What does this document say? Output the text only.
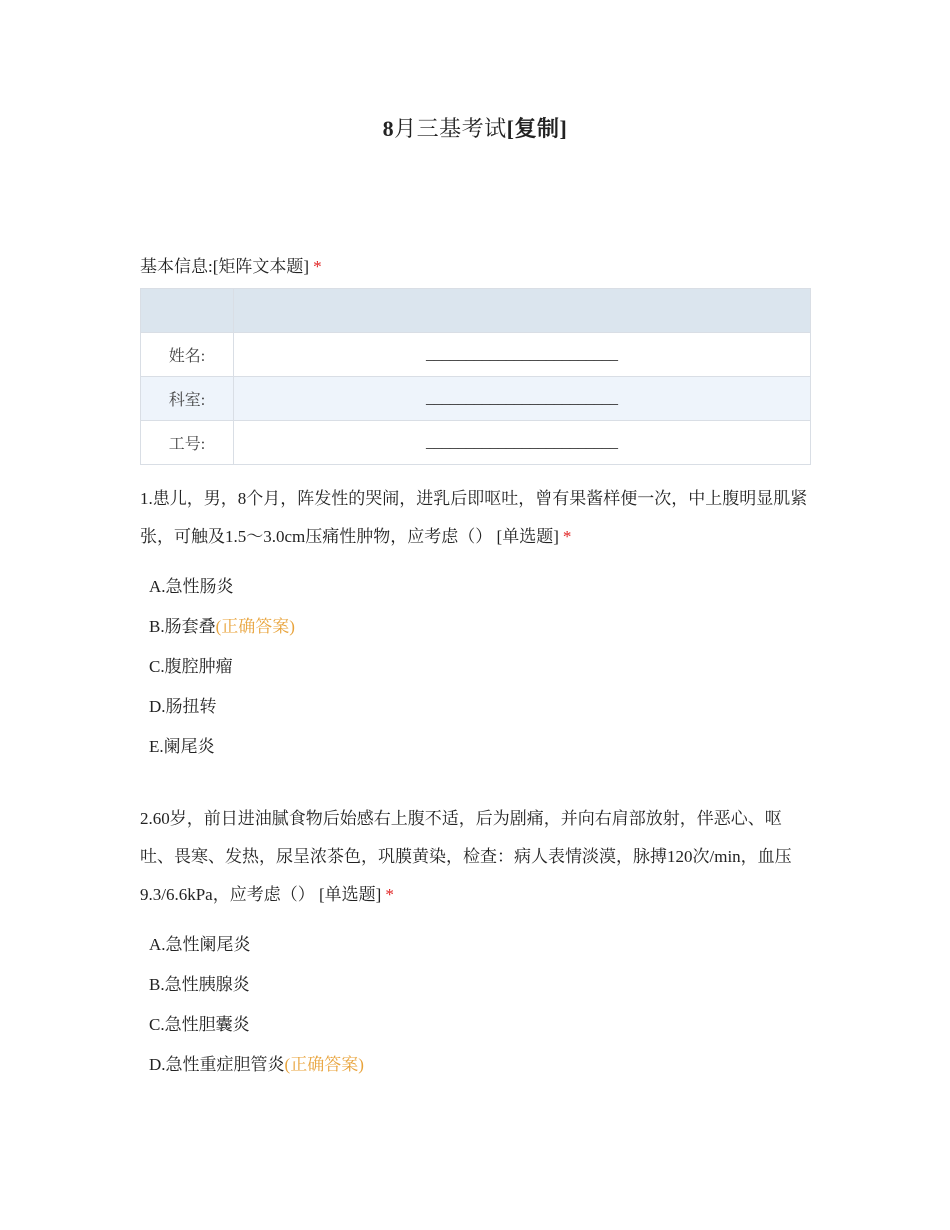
8月三基考试[复制]
基本信息:[矩阵文本题] *

姓名:	________________________
科室:	________________________
工号:	________________________
1.患儿，男，8个月，阵发性的哭闹，进乳后即呕吐，曾有果酱样便一次，中上腹明显肌紧张，可触及1.5～3.0cm压痛性肿物，应考虑（） [单选题] *
A.急性肠炎
B.肠套叠(正确答案)
C.腹腔肿瘤
D.肠扭转
E.阑尾炎
2.60岁，前日进油腻食物后始感右上腹不适，后为剧痛，并向右肩部放射，伴恶心、呕吐、畏寒、发热，尿呈浓茶色，巩膜黄染，检查：病人表情淡漠，脉搏120次/min，血压9.3/6.6kPa，应考虑（） [单选题] *
A.急性阑尾炎
B.急性胰腺炎
C.急性胆囊炎
D.急性重症胆管炎(正确答案)
